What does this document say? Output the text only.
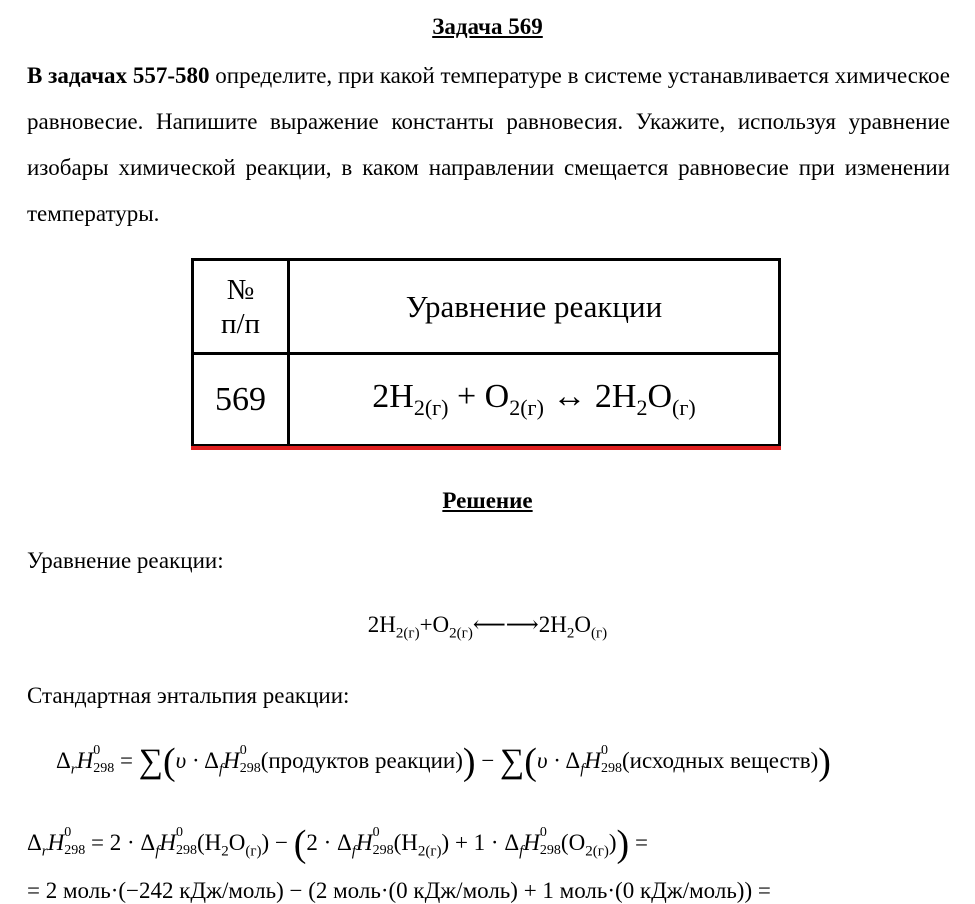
Задача 569
В задачах 557-580 определите, при какой температуре в системе устанавливается химическое равновесие. Напишите выражение константы равновесия. Укажите, используя уравнение изобары химической реакции, в каком направлении смещается равновесие при изменении температуры.
№
п/п	Уравнение реакции
569	$2H_{2(г)} + O_{2(г)}$ ↔ $2H_2O_{(г)}$
Решение
Уравнение реакции:
$2H_{2(г)}+O_{2(г)}⟵⟶2H_2O_{(г)}$
Стандартная энтальпия реакции:
$\Delta_rH$ 0
$298 = \sum(\upsilon \cdot \Delta_fH$ 0
298 (продуктов реакции)) − $\sum(\upsilon \cdot \Delta_fH$ 0
298 (исходных веществ))
$\Delta_rH$ 0
$298 = 2 \cdot \Delta_fH$ 0
298 $(H_2O_{(г)}) - (2 \cdot \Delta_fH$ 0
298 $(H_{2(г)}) + 1 \cdot \Delta_fH$ 0
298 $(O_{2(г)})$) =
= 2 моль·(−242 кДж/моль) − (2 моль·(0 кДж/моль) + 1 моль·(0 кДж/моль)) =
